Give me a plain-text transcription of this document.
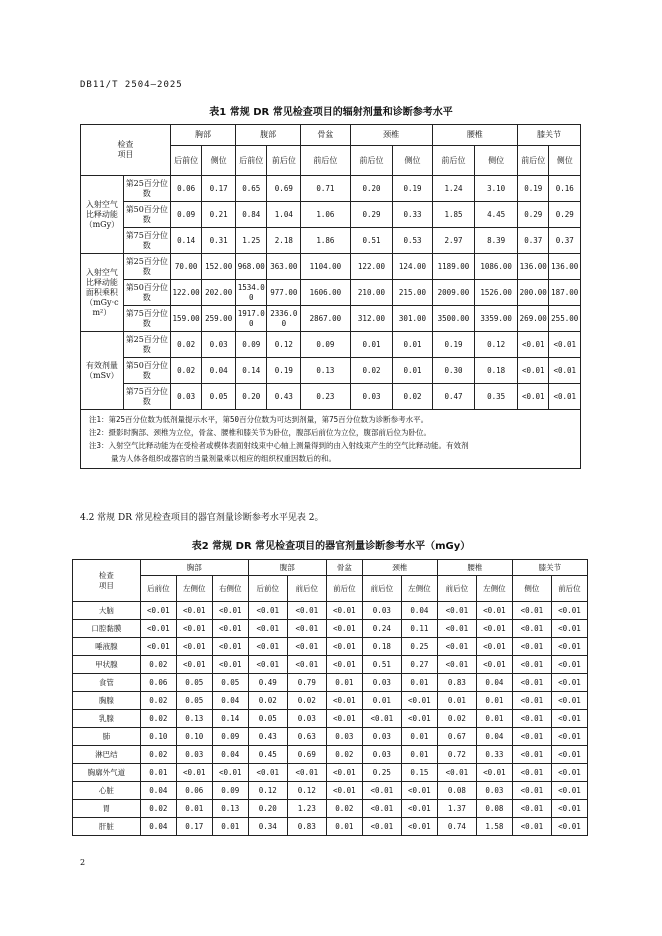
DB11/T 2504—2025
表1 常规 DR 常见检查项目的辐射剂量和诊断参考水平
检查
项目		胸部		腹部		骨盆	颈椎		腰椎		膝关节	
		后前位	侧位	后前位	前后位	前后位	前后位	侧位	前后位	侧位	前后位	侧位
入射空气
比释动能
（mGy）	第25百分位数	0.06	0.17	0.65	0.69	0.71	0.20	0.19	1.24	3.10	0.19	0.16
	第50百分位数	0.09	0.21	0.84	1.04	1.06	0.29	0.33	1.85	4.45	0.29	0.29
	第75百分位数	0.14	0.31	1.25	2.18	1.86	0.51	0.53	2.97	8.39	0.37	0.37
入射空气
比释动能
面积乘积
（mGy·cm²）	第25百分位数	70.00	152.00	968.00	363.00	1104.00	122.00	124.00	1189.00	1086.00	136.00	136.00
	第50百分位数	122.00	202.00	1534.00	977.00	1606.00	210.00	215.00	2009.00	1526.00	200.00	187.00
	第75百分位数	159.00	259.00	1917.00	2336.00	2867.00	312.00	301.00	3500.00	3359.00	269.00	255.00
有效剂量
（mSv）	第25百分位数	0.02	0.03	0.09	0.12	0.09	0.01	0.01	0.19	0.12	<0.01	<0.01
	第50百分位数	0.02	0.04	0.14	0.19	0.13	0.02	0.01	0.30	0.18	<0.01	<0.01
	第75百分位数	0.03	0.05	0.20	0.43	0.23	0.03	0.02	0.47	0.35	<0.01	<0.01

注1：第25百分位数为低剂量提示水平，第50百分位数为可达到剂量，第75百分位数为诊断参考水平。

注2：摄影时胸部、颈椎为立位，骨盆、腰椎和膝关节为卧位，腹部后前位为立位，腹部前后位为卧位。

注3：入射空气比释动能为在受检者或模体表面射线束中心轴上测量得到的由入射线束产生的空气比释动能。有效剂

量为人体各组织或器官的当量剂量乘以相应的组织权重因数后的和。												

4.2 常规 DR 常见检查项目的器官剂量诊断参考水平见表 2。
表2 常规 DR 常见检查项目的器官剂量诊断参考水平（mGy）
检查
项目	胸部			腹部		骨盆	颈椎		腰椎		膝关节	
	后前位	左侧位	右侧位	后前位	前后位	前后位	前后位	左侧位	前后位	左侧位	侧位	前后位
大脑	<0.01	<0.01	<0.01	<0.01	<0.01	<0.01	0.03	0.04	<0.01	<0.01	<0.01	<0.01
口腔黏膜	<0.01	<0.01	<0.01	<0.01	<0.01	<0.01	0.24	0.11	<0.01	<0.01	<0.01	<0.01
唾液腺	<0.01	<0.01	<0.01	<0.01	<0.01	<0.01	0.18	0.25	<0.01	<0.01	<0.01	<0.01
甲状腺	0.02	<0.01	<0.01	<0.01	<0.01	<0.01	0.51	0.27	<0.01	<0.01	<0.01	<0.01
食管	0.06	0.05	0.05	0.49	0.79	0.01	0.03	0.01	0.83	0.04	<0.01	<0.01
胸腺	0.02	0.05	0.04	0.02	0.02	<0.01	0.01	<0.01	0.01	0.01	<0.01	<0.01
乳腺	0.02	0.13	0.14	0.05	0.03	<0.01	<0.01	<0.01	0.02	0.01	<0.01	<0.01
肺	0.10	0.10	0.09	0.43	0.63	0.03	0.03	0.01	0.67	0.04	<0.01	<0.01
淋巴结	0.02	0.03	0.04	0.45	0.69	0.02	0.03	0.01	0.72	0.33	<0.01	<0.01
胸廓外气道	0.01	<0.01	<0.01	<0.01	<0.01	<0.01	0.25	0.15	<0.01	<0.01	<0.01	<0.01
心脏	0.04	0.06	0.09	0.12	0.12	<0.01	<0.01	<0.01	0.08	0.03	<0.01	<0.01
胃	0.02	0.01	0.13	0.20	1.23	0.02	<0.01	<0.01	1.37	0.08	<0.01	<0.01
肝脏	0.04	0.17	0.01	0.34	0.83	0.01	<0.01	<0.01	0.74	1.58	<0.01	<0.01
2
